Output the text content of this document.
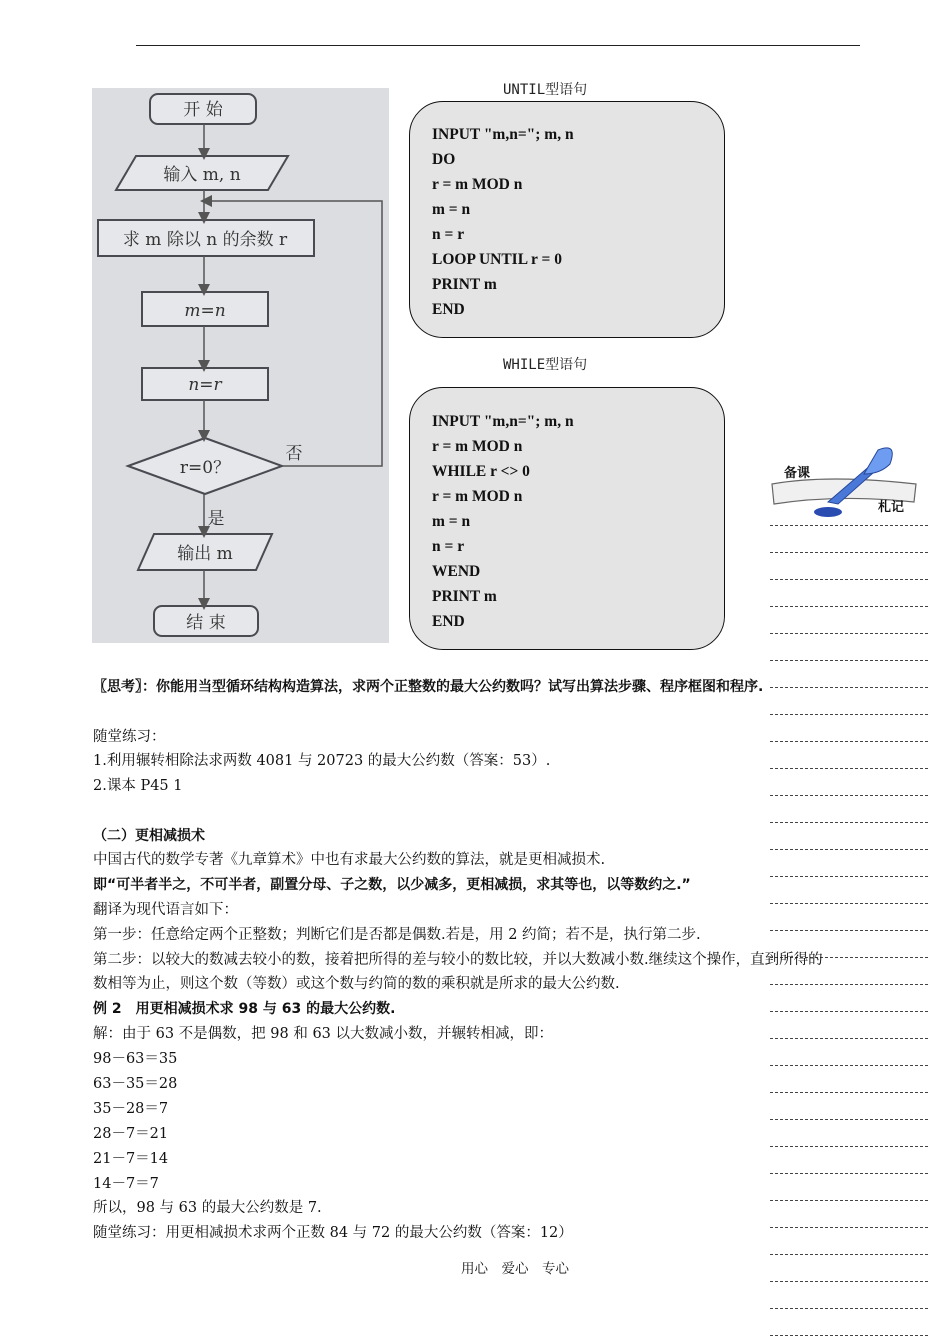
开 始
输入 m, n
求 m 除以 n 的余数 r
m=n
n=r
r=0？
否
是
输出 m
结 束
UNTIL型语句
INPUT "m,n="; m, n
DO
r = m MOD n
m = n
n = r
LOOP UNTIL r = 0
PRINT m
END
WHILE型语句
INPUT "m,n="; m, n
r = m MOD n
WHILE r <> 0
r = m MOD n
m = n
n = r
WEND
PRINT m
END
备课
札记
〖思考〗：你能用当型循环结构构造算法，求两个正整数的最大公约数吗？试写出算法步骤、程序框图和程序.
随堂练习：
1.利用辗转相除法求两数 4081 与 20723 的最大公约数（答案：53）.
2.课本 P45 1
（二）更相减损术
中国古代的数学专著《九章算术》中也有求最大公约数的算法，就是更相减损术.
即“可半者半之，不可半者，副置分母、子之数，以少减多，更相减损，求其等也，以等数约之.”
翻译为现代语言如下：
第一步：任意给定两个正整数；判断它们是否都是偶数.若是，用 2 约简；若不是，执行第二步.
第二步：以较大的数减去较小的数，接着把所得的差与较小的数比较，并以大数减小数.继续这个操作，直到所得的
数相等为止，则这个数（等数）或这个数与约简的数的乘积就是所求的最大公约数.
例 2　用更相减损术求 98 与 63 的最大公约数.
解：由于 63 不是偶数，把 98 和 63 以大数减小数，并辗转相减，即：
98－63＝35
63－35＝28
35－28＝7
28－7＝21
21－7＝14
14－7＝7
所以，98 与 63 的最大公约数是 7.
随堂练习：用更相减损术求两个正数 84 与 72 的最大公约数（答案：12）
用心　爱心　专心
